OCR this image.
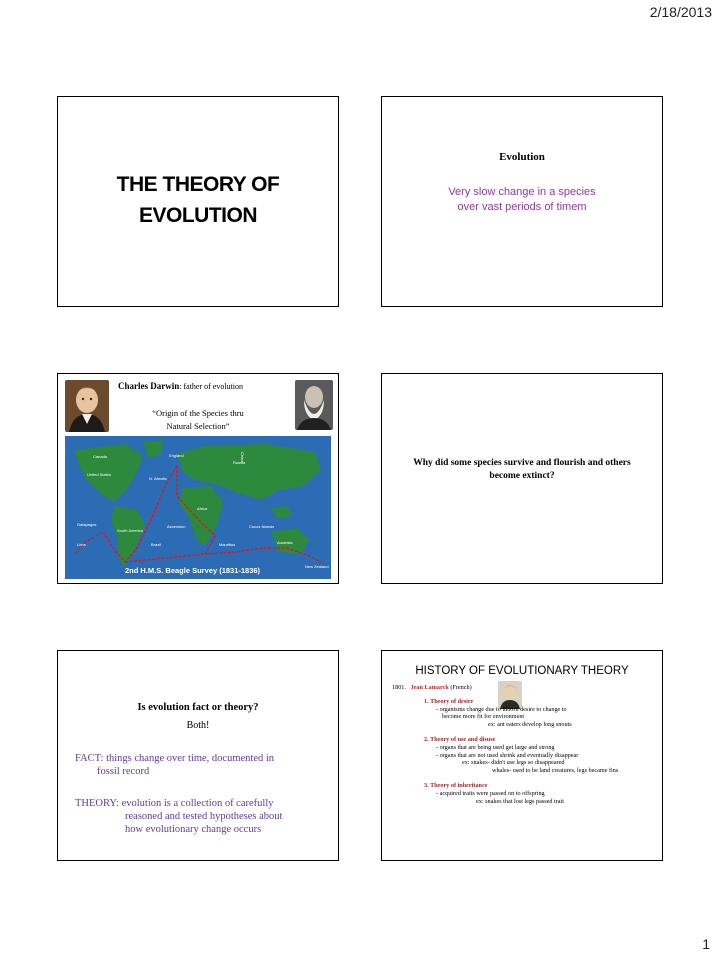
2/18/2013
THE THEORY OF
EVOLUTION
Evolution
Very slow change in a species
over vast periods of timem
Charles Darwin: father of evolution
“Origin of the Species thru
Natural Selection”
Canada	England
Russia
United States
N. Atlantic
Africa
Galapagos
South America
Ascension	Cocos Islands
Lima	Brazil	Mauritius	Australia
New Zealand
China
2nd H.M.S. Beagle Survey (1831-1836)
Why did some species survive and flourish and others
become extinct?
Is evolution fact or theory?
Both!
FACT: things change over time, documented in
fossil record
THEORY: evolution is a collection of carefully
reasoned and tested hypotheses about
how evolutionary change occurs
HISTORY OF EVOLUTIONARY THEORY
1801. Jean Lamarck (French)
1. Theory of desire
- organisms change due to inborn desire to change to
become more fit for environment
ex: ant eaters develop long snouts
2. Theory of use and disuse
- organs that are being used get large and strong
- organs that are not used shrink and eventually disappear
ex: snakes- didn't use legs so disappeared
whales- used to be land creatures, legs became fins
3. Theory of inheritance
- acquired traits were passed on to offspring
ex: snakes that lost legs passed trait
1
